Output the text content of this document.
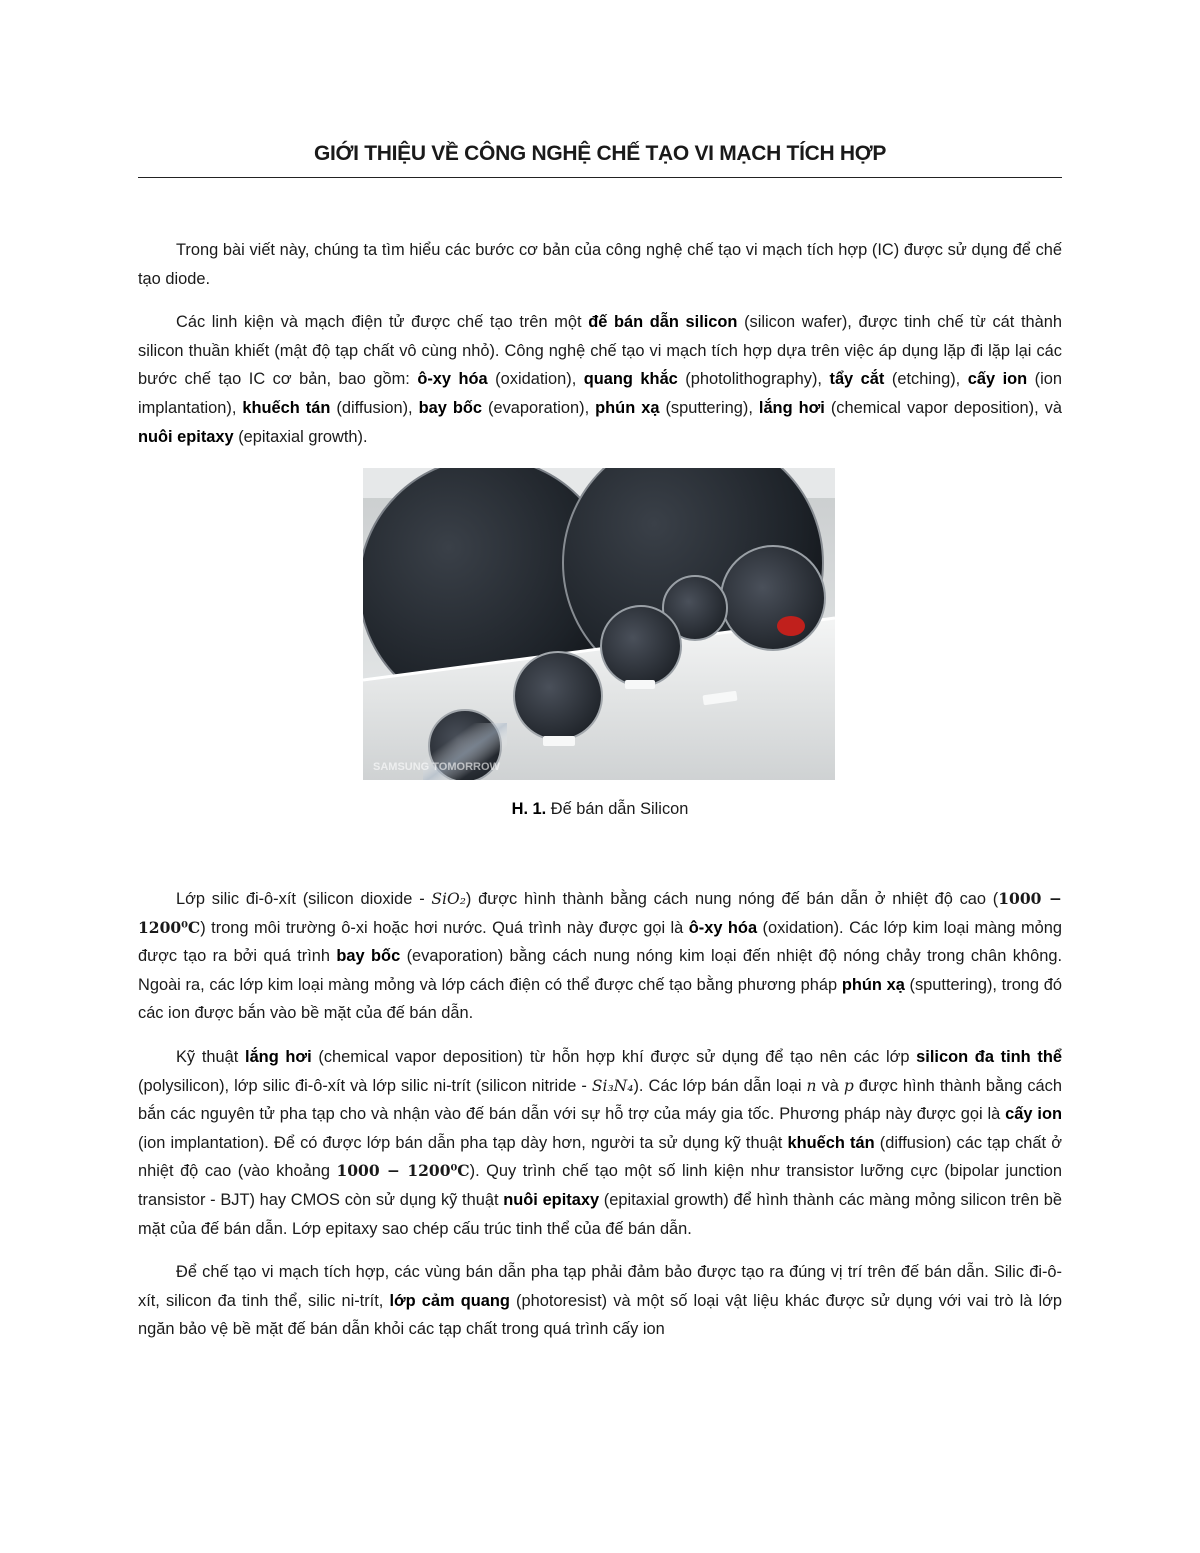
GIỚI THIỆU VỀ CÔNG NGHỆ CHẾ TẠO VI MẠCH TÍCH HỢP

Trong bài viết này, chúng ta tìm hiểu các bước cơ bản của công nghệ chế tạo vi mạch tích hợp (IC) được sử dụng để chế tạo diode.

Các linh kiện và mạch điện tử được chế tạo trên một đế bán dẫn silicon (silicon wafer), được tinh chế từ cát thành silicon thuần khiết (mật độ tạp chất vô cùng nhỏ). Công nghệ chế tạo vi mạch tích hợp dựa trên việc áp dụng lặp đi lặp lại các bước chế tạo IC cơ bản, bao gồm: ô-xy hóa (oxidation), quang khắc (photolithography), tẩy cắt (etching), cấy ion (ion implantation), khuếch tán (diffusion), bay bốc (evaporation), phún xạ (sputtering), lắng hơi (chemical vapor deposition), và nuôi epitaxy (epitaxial growth).

SAMSUNG TOMORROW
H. 1. Đế bán dẫn Silicon

Lớp silic đi-ô-xít (silicon dioxide - SiO₂) được hình thành bằng cách nung nóng đế bán dẫn ở nhiệt độ cao (1000 − 1200⁰C) trong môi trường ô-xi hoặc hơi nước. Quá trình này được gọi là ô-xy hóa (oxidation). Các lớp kim loại màng mỏng được tạo ra bởi quá trình bay bốc (evaporation) bằng cách nung nóng kim loại đến nhiệt độ nóng chảy trong chân không. Ngoài ra, các lớp kim loại màng mỏng và lớp cách điện có thể được chế tạo bằng phương pháp phún xạ (sputtering), trong đó các ion được bắn vào bề mặt của đế bán dẫn.

Kỹ thuật lắng hơi (chemical vapor deposition) từ hỗn hợp khí được sử dụng để tạo nên các lớp silicon đa tinh thể (polysilicon), lớp silic đi-ô-xít và lớp silic ni-trít (silicon nitride - Si₃N₄). Các lớp bán dẫn loại n và p được hình thành bằng cách bắn các nguyên tử pha tạp cho và nhận vào đế bán dẫn với sự hỗ trợ của máy gia tốc. Phương pháp này được gọi là cấy ion (ion implantation). Để có được lớp bán dẫn pha tạp dày hơn, người ta sử dụng kỹ thuật khuếch tán (diffusion) các tạp chất ở nhiệt độ cao (vào khoảng 1000 − 1200⁰C). Quy trình chế tạo một số linh kiện như transistor lưỡng cực (bipolar junction transistor - BJT) hay CMOS còn sử dụng kỹ thuật nuôi epitaxy (epitaxial growth) để hình thành các màng mỏng silicon trên bề mặt của đế bán dẫn. Lớp epitaxy sao chép cấu trúc tinh thể của đế bán dẫn.

Để chế tạo vi mạch tích hợp, các vùng bán dẫn pha tạp phải đảm bảo được tạo ra đúng vị trí trên đế bán dẫn. Silic đi-ô-xít, silicon đa tinh thể, silic ni-trít, lớp cảm quang (photoresist) và một số loại vật liệu khác được sử dụng với vai trò là lớp ngăn bảo vệ bề mặt đế bán dẫn khỏi các tạp chất trong quá trình cấy ion
